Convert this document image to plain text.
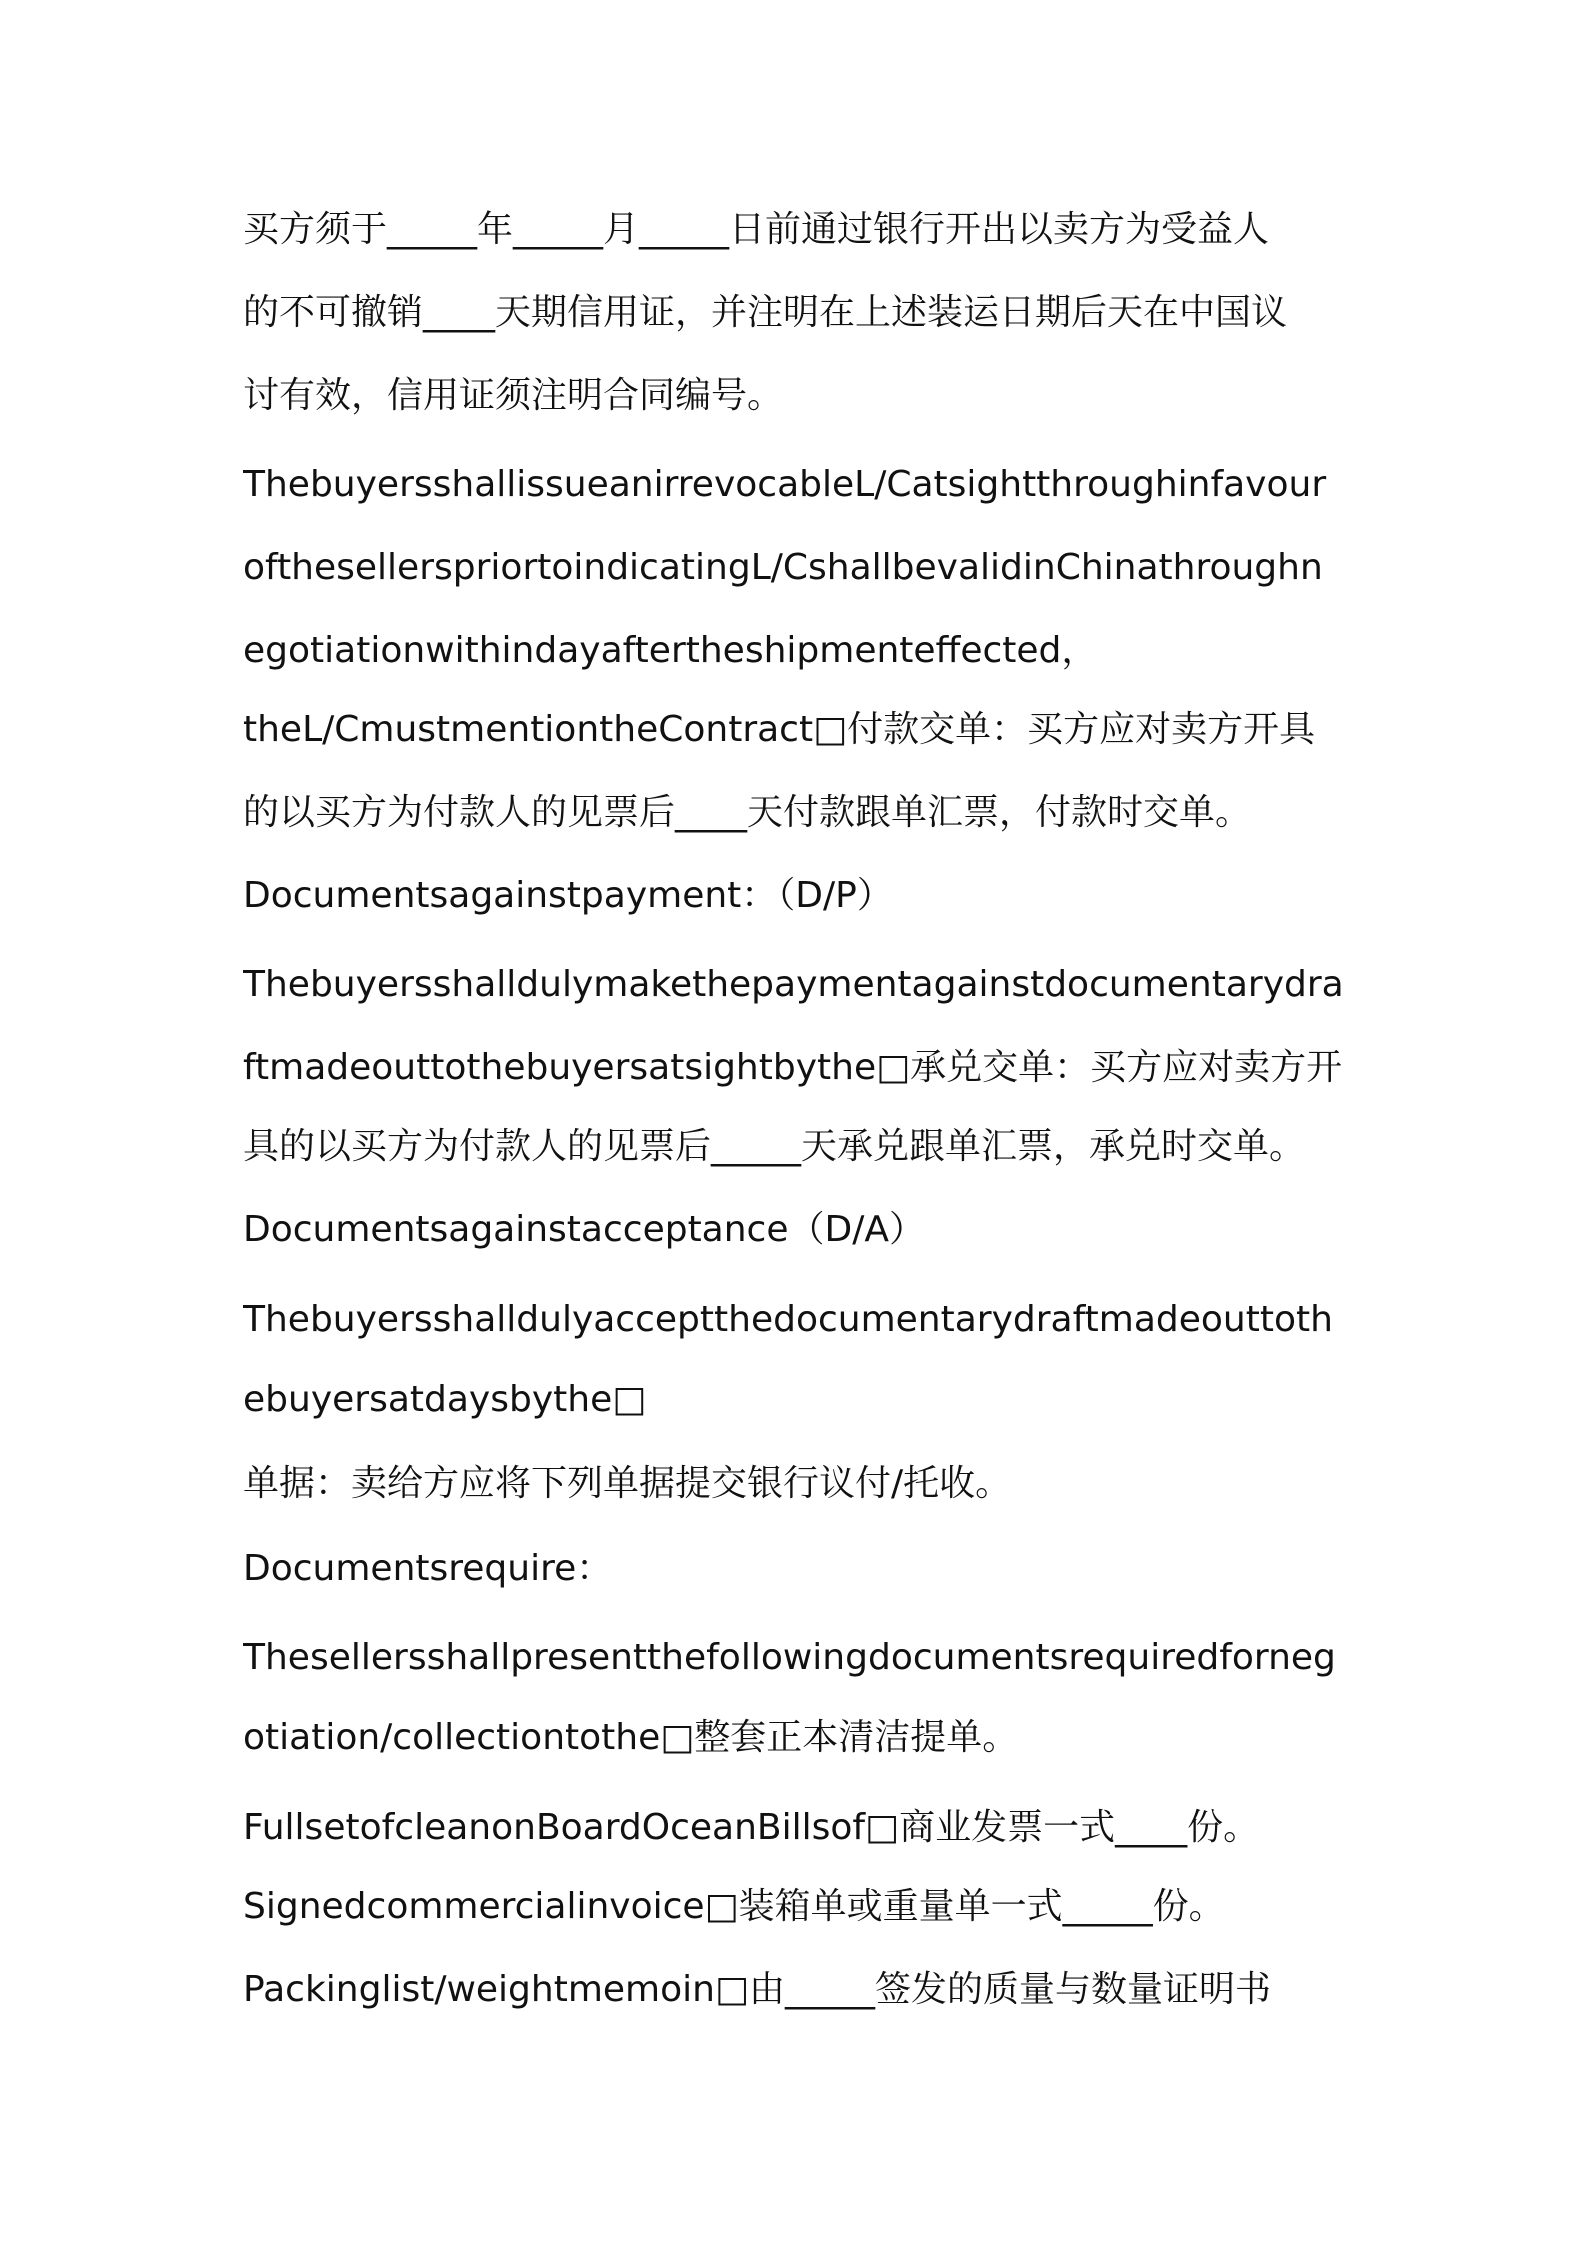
买方须于_____年_____月_____日前通过银行开出以卖方为受益人
的不可撤销____天期信用证，并注明在上述装运日期后天在中国议
讨有效，信用证须注明合同编号。
ThebuyersshallissueanirrevocableL/Catsightthroughinfavour
ofthesellerspriortoindicatingL/CshallbevalidinChinathroughn
egotiationwithindayaftertheshipmenteffected，
theL/CmustmentiontheContract□付款交单：买方应对卖方开具
的以买方为付款人的见票后____天付款跟单汇票，付款时交单。
Documentsagainstpayment：（D/P）
Thebuyersshalldulymakethepaymentagainstdocumentarydra
ftmadeouttothebuyersatsightbythe□承兑交单：买方应对卖方开
具的以买方为付款人的见票后_____天承兑跟单汇票，承兑时交单。
Documentsagainstacceptance（D/A）
Thebuyersshalldulyacceptthedocumentarydraftmadeouttoth
ebuyersatdaysbythe□
单据：卖给方应将下列单据提交银行议付/托收。
Documentsrequire：
Thesellersshallpresentthefollowingdocumentsrequiredforneg
otiation/collectiontothe□整套正本清洁提单。
FullsetofcleanonBoardOceanBillsof□商业发票一式____份。
Signedcommercialinvoice□装箱单或重量单一式_____份。
Packinglist/weightmemoin□由_____签发的质量与数量证明书
